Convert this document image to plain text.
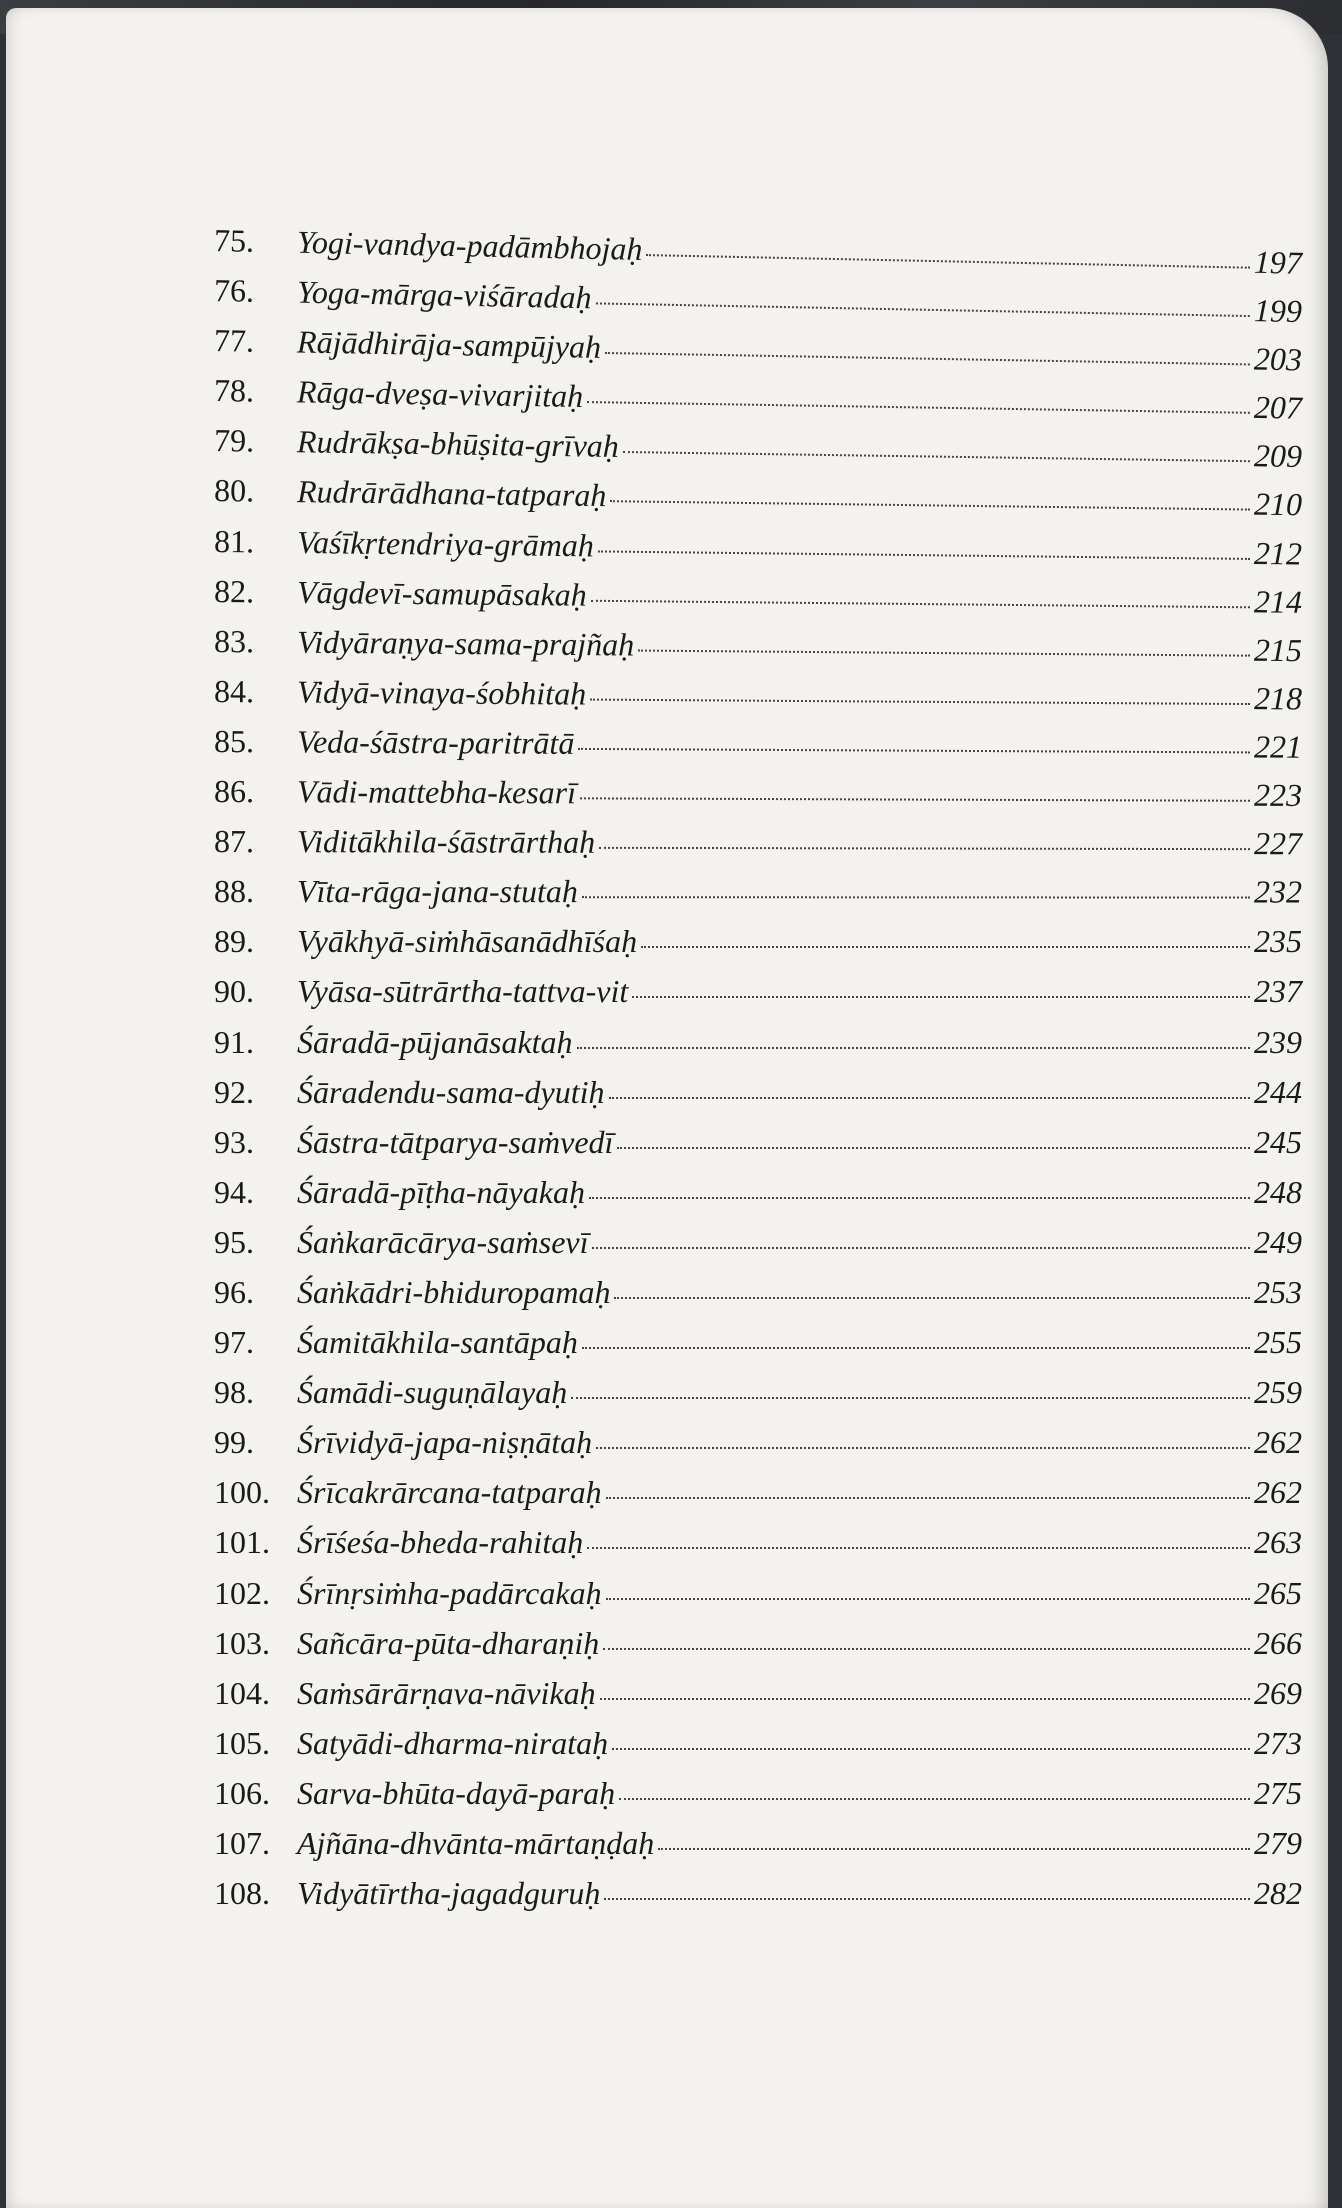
75.	Yogi-vandya-padāmbhojaḥ	197
76.	Yoga-mārga-viśāradaḥ	199
77.	Rājādhirāja-sampūjyaḥ	203
78.	Rāga-dveṣa-vivarjitaḥ	207
79.	Rudrākṣa-bhūṣita-grīvaḥ	209
80.	Rudrārādhana-tatparaḥ	210
81.	Vaśīkṛtendriya-grāmaḥ	212
82.	Vāgdevī-samupāsakaḥ	214
83.	Vidyāraṇya-sama-prajñaḥ	215
84.	Vidyā-vinaya-śobhitaḥ	218
85.	Veda-śāstra-paritrātā	221
86.	Vādi-mattebha-kesarī	223
87.	Viditākhila-śāstrārthaḥ	227
88.	Vīta-rāga-jana-stutaḥ	232
89.	Vyākhyā-siṁhāsanādhīśaḥ	235
90.	Vyāsa-sūtrārtha-tattva-vit	237
91.	Śāradā-pūjanāsaktaḥ	239
92.	Śāradendu-sama-dyutiḥ	244
93.	Śāstra-tātparya-saṁvedī	245
94.	Śāradā-pīṭha-nāyakaḥ	248
95.	Śaṅkarācārya-saṁsevī	249
96.	Śaṅkādri-bhiduropamaḥ	253
97.	Śamitākhila-santāpaḥ	255
98.	Śamādi-suguṇālayaḥ	259
99.	Śrīvidyā-japa-niṣṇātaḥ	262
100. Śrīcakrārcana-tatparaḥ	262
101. Śrīśeśa-bheda-rahitaḥ	263
102. Śrīnṛsiṁha-padārcakaḥ	265
103. Sañcāra-pūta-dharaṇiḥ	266
104. Saṁsārārṇava-nāvikaḥ	269
105. Satyādi-dharma-nirataḥ	273
106. Sarva-bhūta-dayā-paraḥ	275
107. Ajñāna-dhvānta-mārtaṇḍaḥ	279
108. Vidyātīrtha-jagadguruḥ	282
